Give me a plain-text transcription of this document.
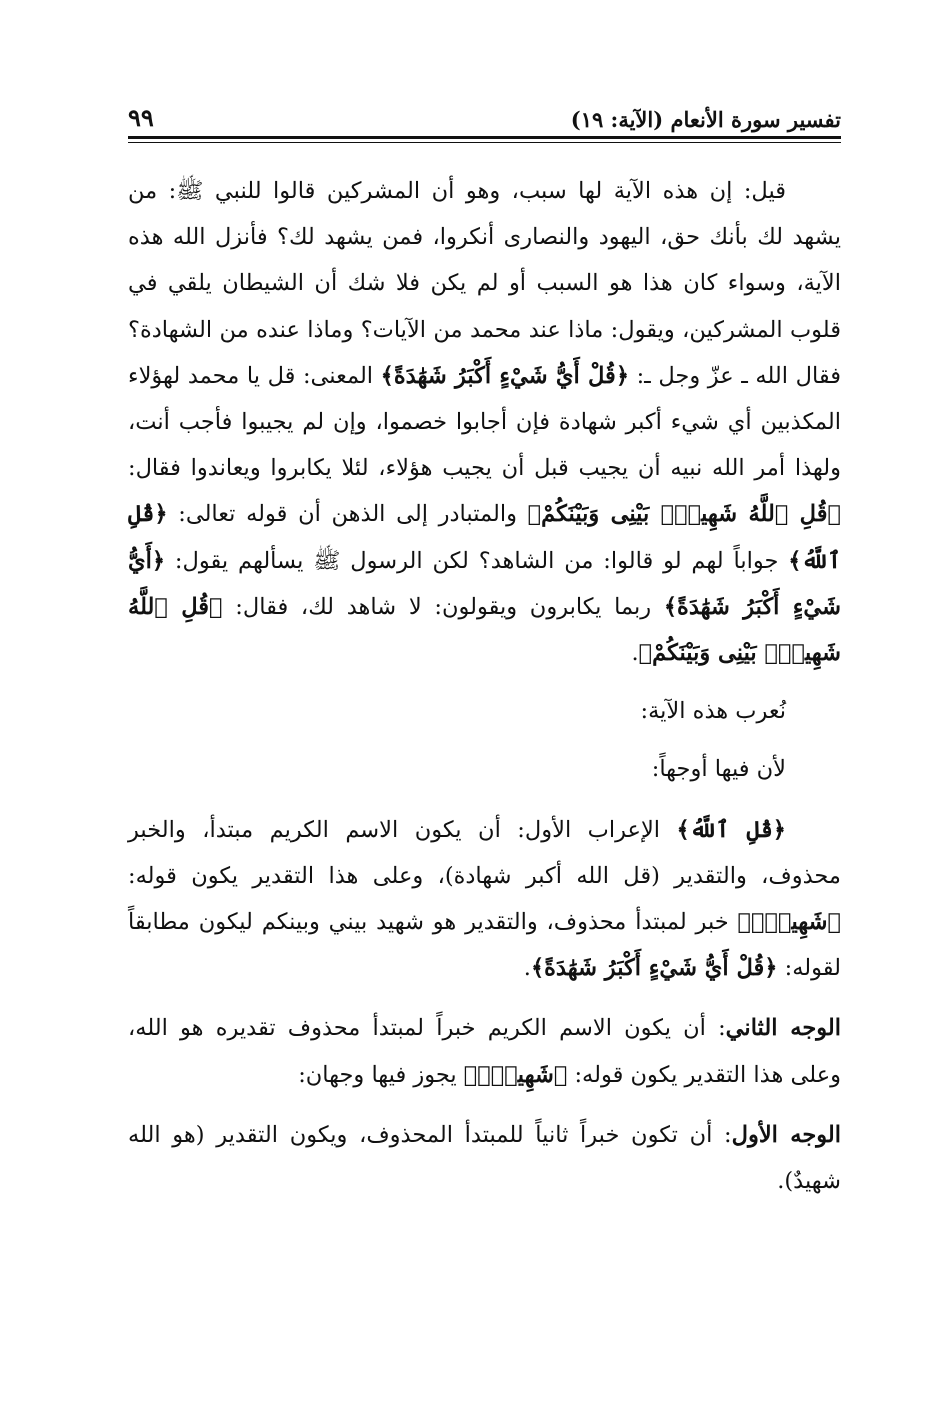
تفسير سورة الأنعام (الآية: ١٩)
٩٩

قيل: إن هذه الآية لها سبب، وهو أن المشركين قالوا للنبي ﷺ: من يشهد لك بأنك حق، اليهود والنصارى أنكروا، فمن يشهد لك؟ فأنزل الله هذه الآية، وسواء كان هذا هو السبب أو لم يكن فلا شك أن الشيطان يلقي في قلوب المشركين، ويقول: ماذا عند محمد من الآيات؟ وماذا عنده من الشهادة؟ فقال الله ـ عزّ وجل ـ: ﴿قُلْ أَيُّ شَيْءٍ أَكْبَرُ شَهَٰدَةً﴾ المعنى: قل يا محمد لهؤلاء المكذبين أي شيء أكبر شهادة فإن أجابوا خصموا، وإن لم يجيبوا فأجب أنت، ولهذا أمر الله نبيه أن يجيب قبل أن يجيب هؤلاء، لئلا يكابروا ويعاندوا فقال: ﴿قُلِ ٱللَّهُ شَهِيدٌۢ بَيْنِى وَبَيْنَكُمْ﴾ والمتبادر إلى الذهن أن قوله تعالى: ﴿قُلِ ٱللَّهُ﴾ جواباً لهم لو قالوا: من الشاهد؟ لكن الرسول ﷺ يسألهم يقول: ﴿أَيُّ شَيْءٍ أَكْبَرُ شَهَٰدَةً﴾ ربما يكابرون ويقولون: لا شاهد لك، فقال: ﴿قُلِ ٱللَّهُ شَهِيدٌۢ بَيْنِى وَبَيْنَكُمْ﴾.

نُعرب هذه الآية:

لأن فيها أوجهاً:

﴿قُلِ ٱللَّهُ﴾ الإعراب الأول: أن يكون الاسم الكريم مبتدأ، والخبر محذوف، والتقدير (قل الله أكبر شهادة)، وعلى هذا التقدير يكون قوله: ﴿شَهِيدٌۢ﴾ خبر لمبتدأ محذوف، والتقدير هو شهيد بيني وبينكم ليكون مطابقاً لقوله: ﴿قُلْ أَيُّ شَيْءٍ أَكْبَرُ شَهَٰدَةً﴾.

الوجه الثاني: أن يكون الاسم الكريم خبراً لمبتدأ محذوف تقديره هو الله، وعلى هذا التقدير يكون قوله: ﴿شَهِيدٌۢ﴾ يجوز فيها وجهان:

الوجه الأول: أن تكون خبراً ثانياً للمبتدأ المحذوف، ويكون التقدير (هو الله شهيدٌ).
